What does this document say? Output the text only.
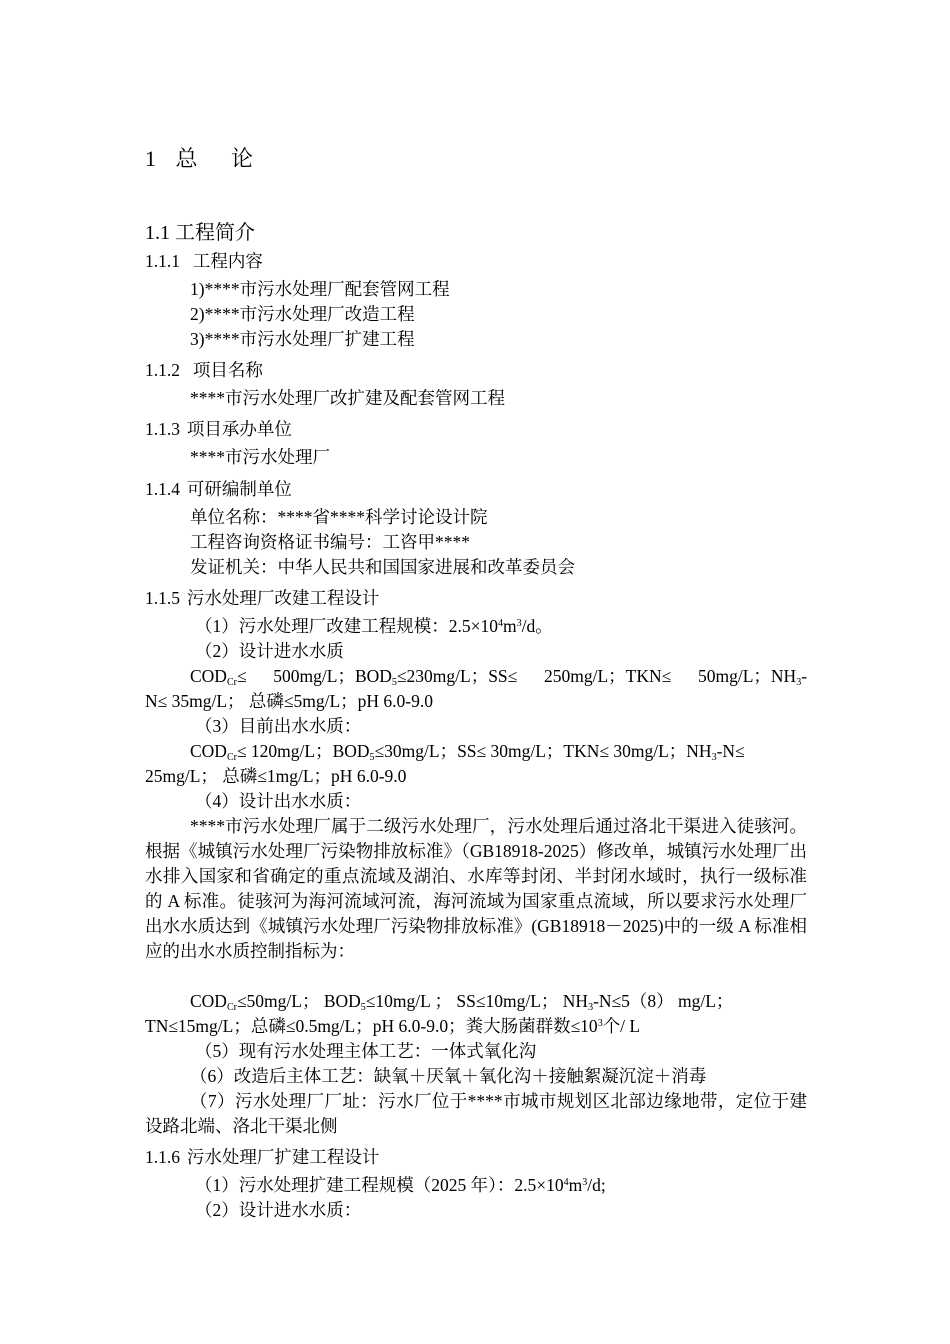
1 总 论
1.1 工程简介
1.1.1 工程内容
1)****市污水处理厂配套管网工程
2)****市污水处理厂改造工程
3)****市污水处理厂扩建工程
1.1.2 项目名称
****市污水处理厂改扩建及配套管网工程
1.1.3 项目承办单位
****市污水处理厂
1.1.4 可研编制单位
单位名称：****省****科学讨论设计院
工程咨询资格证书编号：工咨甲****
发证机关：中华人民共和国国家进展和改革委员会
1.1.5 污水处理厂改建工程设计
（1）污水处理厂改建工程规模：$2.5\times 10^4m^3/d$。
（2）设计进水水质
$COD_{Cr}\le 500mg/L$；$BOD_5\le 230mg/L$；SS≤ 250mg/L；TKN≤ 50mg/L；$NH_3-$
N≤ 35mg/L； 总磷≤5mg/L；pH 6.0-9.0
（3）目前出水水质：
$COD_{Cr}\le 120mg/L$；$BOD_5\le 30mg/L$；SS≤ 30mg/L；TKN≤ 30mg/L；$NH_3-N\le$
25mg/L； 总磷≤1mg/L；pH 6.0-9.0
（4）设计出水水质：
****市污水处理厂属于二级污水处理厂，污水处理后通过洛北干渠进入徒骇河。根据《城镇污水处理厂污染物排放标准》（GB18918-2025）修改单，城镇污水处理厂出水排入国家和省确定的重点流域及湖泊、水库等封闭、半封闭水域时，执行一级标准的 A 标准。徒骇河为海河流域河流，海河流域为国家重点流域，所以要求污水处理厂出水水质达到《城镇污水处理厂污染物排放标准》(GB18918－2025)中的一级 A 标准相应的出水水质控制指标为：
$COD_{Cr}\le 50mg/L$； $BOD_5\le 10mg/L$ ； SS≤10mg/L； $NH_3-N\le 5(8)$ mg/L；
TN≤15mg/L；总磷≤0.5mg/L；pH 6.0-9.0；粪大肠菌群数$\le 10^3$个/ L
（5）现有污水处理主体工艺：一体式氧化沟
（6）改造后主体工艺：缺氧＋厌氧＋氧化沟＋接触絮凝沉淀＋消毒
（7）污水处理厂厂址：污水厂位于****市城市规划区北部边缘地带，定位于建设路北端、洛北干渠北侧
1.1.6 污水处理厂扩建工程设计
（1）污水处理扩建工程规模（2025 年）：$2.5\times 10^4m^3/d$;
（2）设计进水水质：
